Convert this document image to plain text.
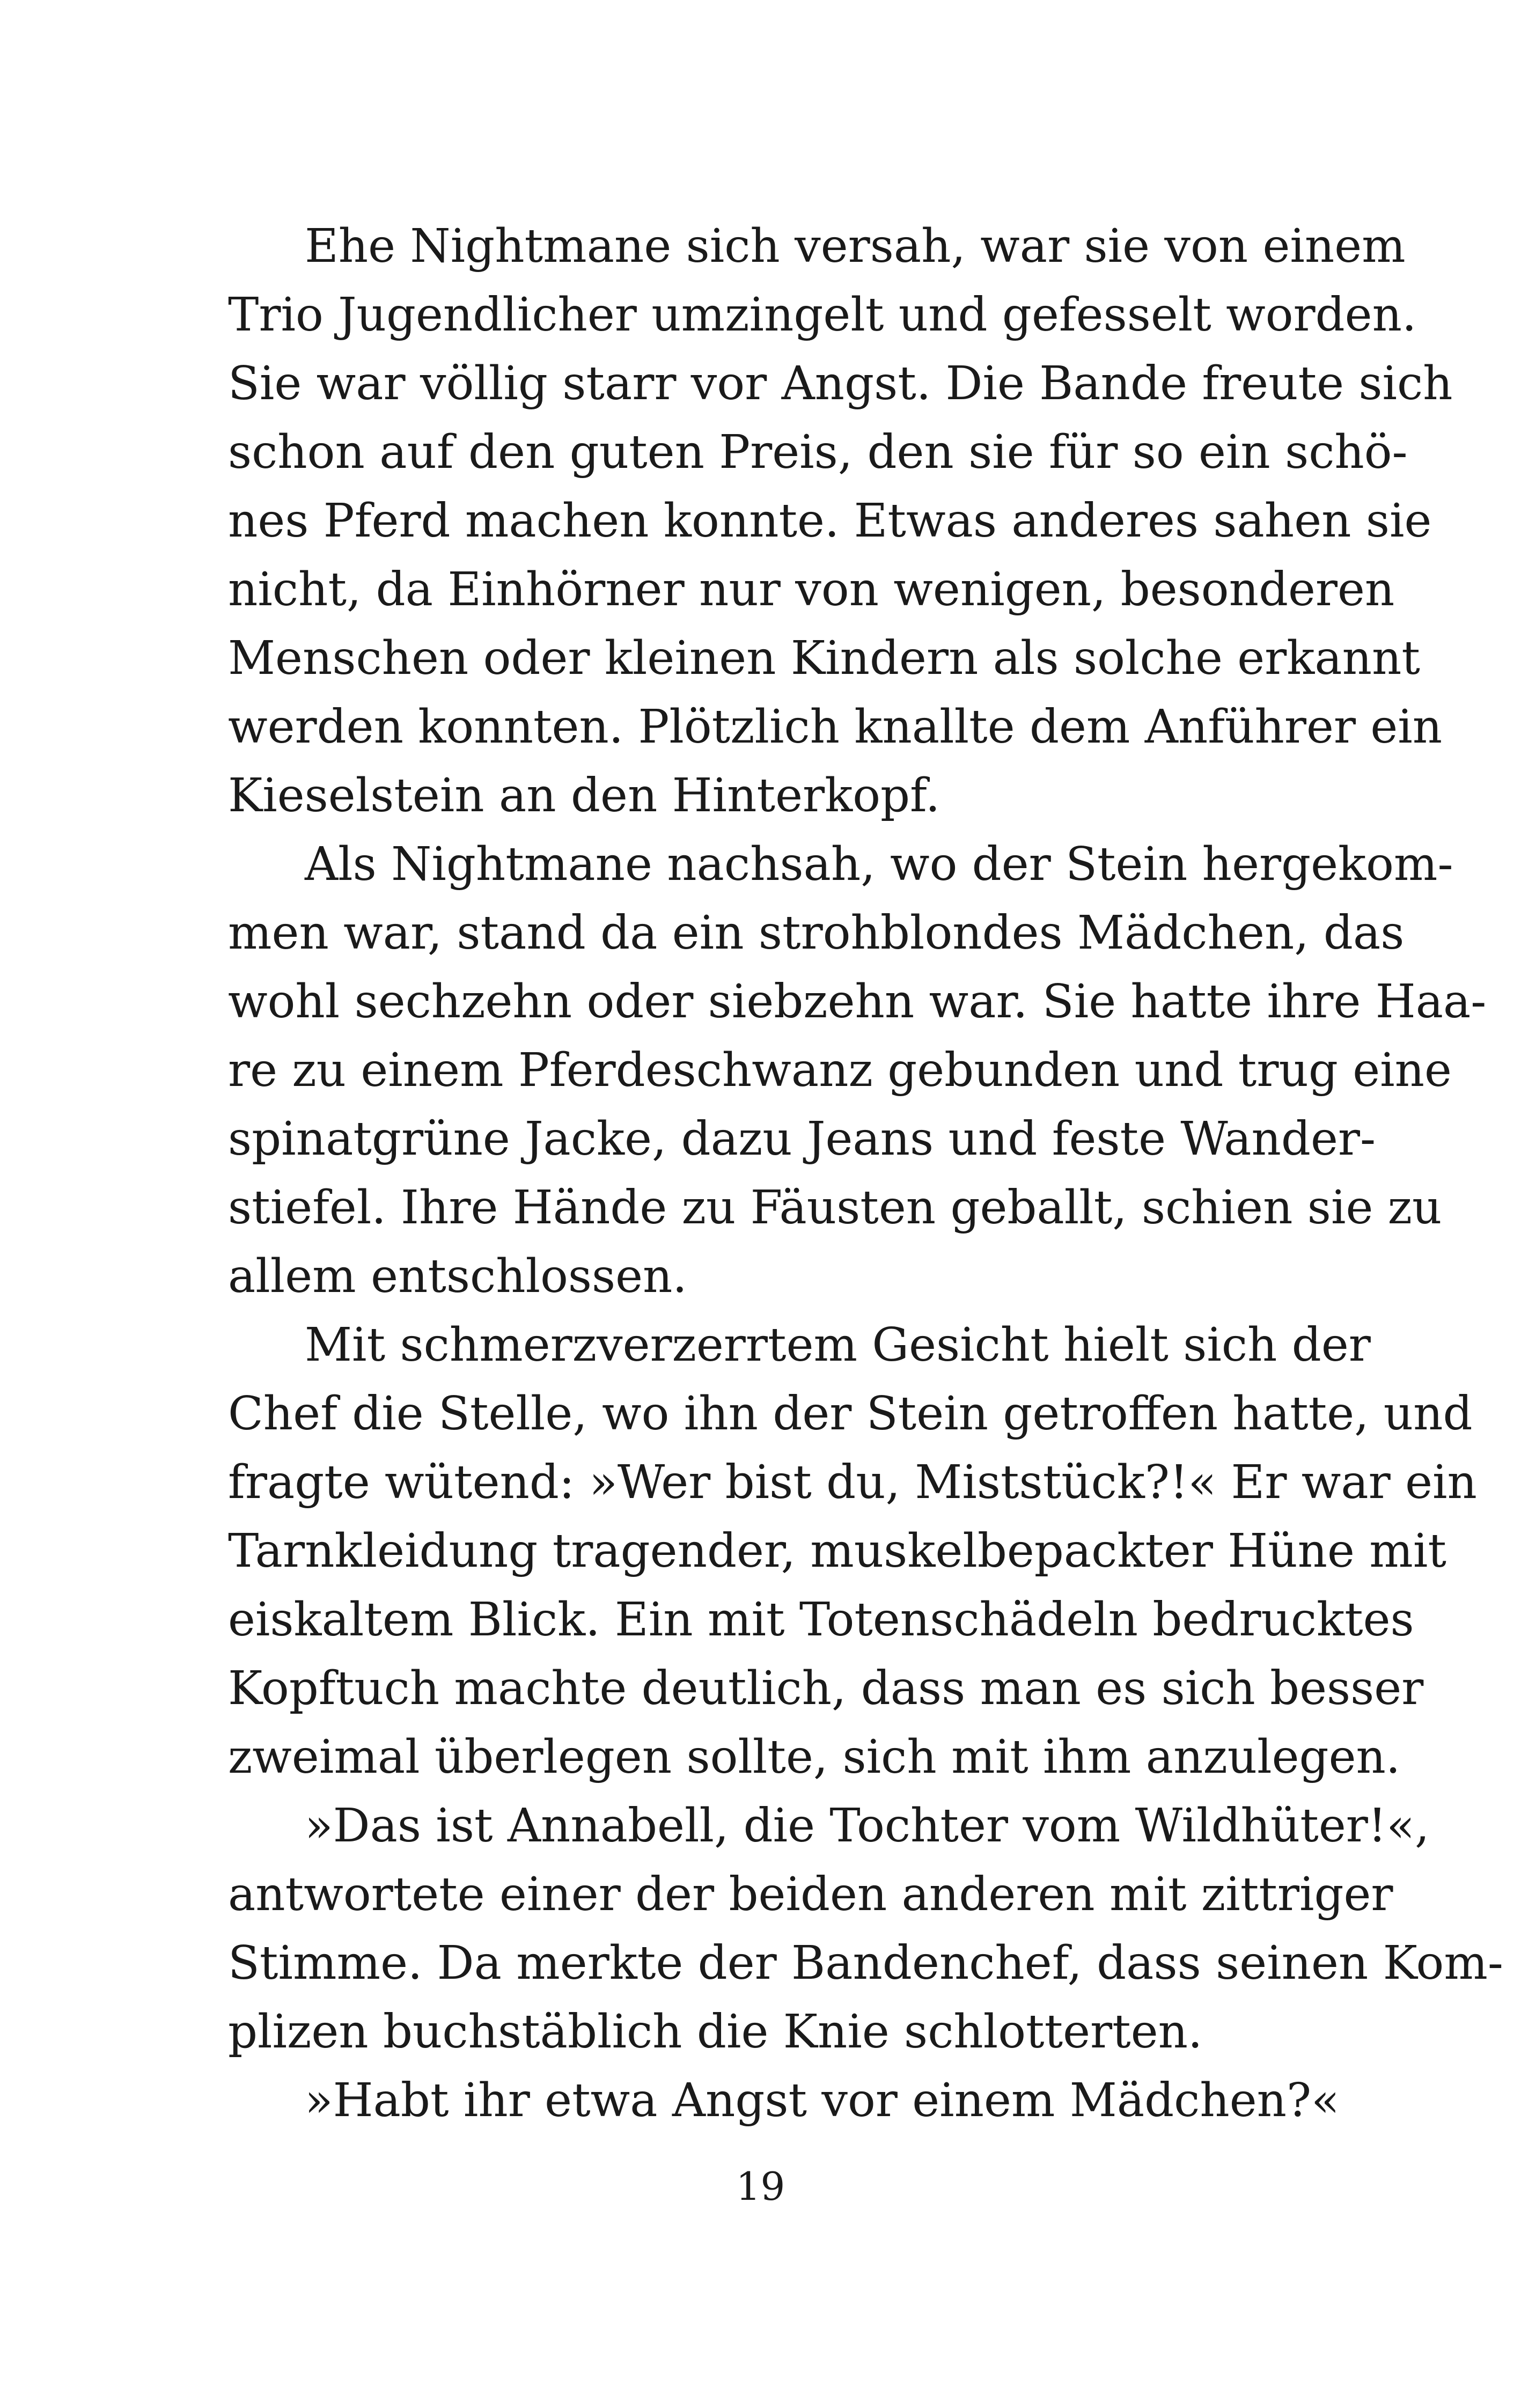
Ehe Nightmane sich versah, war sie von einem
Trio Jugendlicher umzingelt und gefesselt worden.
Sie war völlig starr vor Angst. Die Bande freute sich
schon auf den guten Preis, den sie für so ein schö-
nes Pferd machen konnte. Etwas anderes sahen sie
nicht, da Einhörner nur von wenigen, besonderen
Menschen oder kleinen Kindern als solche erkannt
werden konnten. Plötzlich knallte dem Anführer ein
Kieselstein an den Hinterkopf.
Als Nightmane nachsah, wo der Stein hergekom-
men war, stand da ein strohblondes Mädchen, das
wohl sechzehn oder siebzehn war. Sie hatte ihre Haa-
re zu einem Pferdeschwanz gebunden und trug eine
spinatgrüne Jacke, dazu Jeans und feste Wander-
stiefel. Ihre Hände zu Fäusten geballt, schien sie zu
allem entschlossen.
Mit schmerzverzerrtem Gesicht hielt sich der
Chef die Stelle, wo ihn der Stein getroffen hatte, und
fragte wütend: »Wer bist du, Miststück?!« Er war ein
Tarnkleidung tragender, muskelbepackter Hüne mit
eiskaltem Blick. Ein mit Totenschädeln bedrucktes
Kopftuch machte deutlich, dass man es sich besser
zweimal überlegen sollte, sich mit ihm anzulegen.
»Das ist Annabell, die Tochter vom Wildhüter!«,
antwortete einer der beiden anderen mit zittriger
Stimme. Da merkte der Bandenchef, dass seinen Kom-
plizen buchstäblich die Knie schlotterten.
»Habt ihr etwa Angst vor einem Mädchen?«
19
